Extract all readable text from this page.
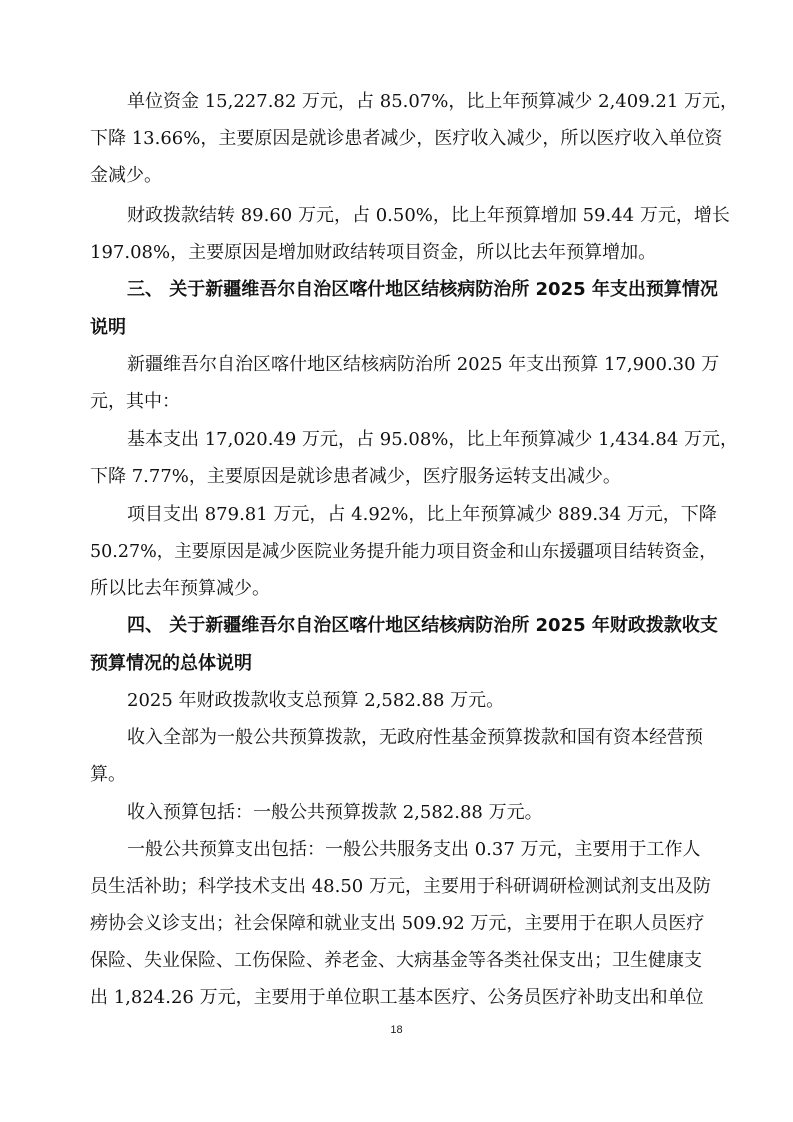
单位资金 15,227.82 万元，占 85.07%，比上年预算减少 2,409.21 万元，
下降 13.66%，主要原因是就诊患者减少，医疗收入减少，所以医疗收入单位资
金减少。
财政拨款结转 89.60 万元，占 0.50%，比上年预算增加 59.44 万元，增长
197.08%，主要原因是增加财政结转项目资金，所以比去年预算增加。
三、 关于新疆维吾尔自治区喀什地区结核病防治所 2025 年支出预算情况
说明
新疆维吾尔自治区喀什地区结核病防治所 2025 年支出预算 17,900.30 万
元，其中：
基本支出 17,020.49 万元，占 95.08%，比上年预算减少 1,434.84 万元，
下降 7.77%，主要原因是就诊患者减少，医疗服务运转支出减少。
项目支出 879.81 万元，占 4.92%，比上年预算减少 889.34 万元，下降
50.27%，主要原因是减少医院业务提升能力项目资金和山东援疆项目结转资金，
所以比去年预算减少。
四、 关于新疆维吾尔自治区喀什地区结核病防治所 2025 年财政拨款收支
预算情况的总体说明
2025 年财政拨款收支总预算 2,582.88 万元。
收入全部为一般公共预算拨款，无政府性基金预算拨款和国有资本经营预
算。
收入预算包括：一般公共预算拨款 2,582.88 万元。
一般公共预算支出包括：一般公共服务支出 0.37 万元，主要用于工作人
员生活补助；科学技术支出 48.50 万元，主要用于科研调研检测试剂支出及防
痨协会义诊支出；社会保障和就业支出 509.92 万元，主要用于在职人员医疗
保险、失业保险、工伤保险、养老金、大病基金等各类社保支出；卫生健康支
出 1,824.26 万元，主要用于单位职工基本医疗、公务员医疗补助支出和单位
18
